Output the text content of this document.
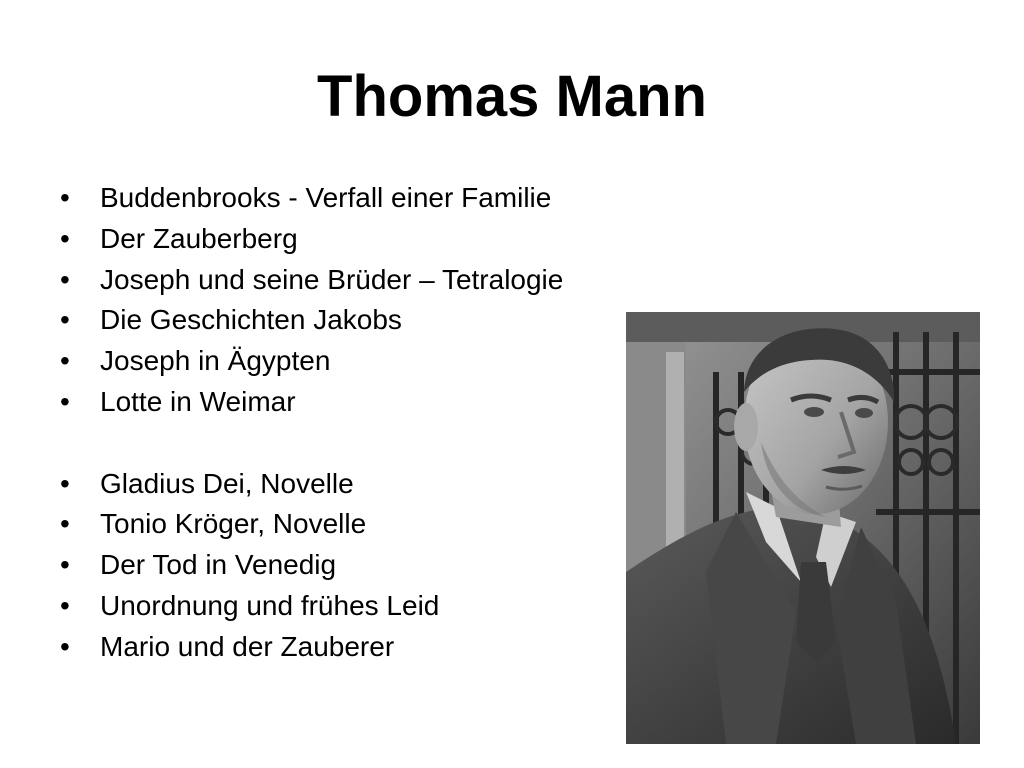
Thomas Mann
• Buddenbrooks - Verfall einer Familie
• Der Zauberberg
• Joseph und seine Brüder – Tetralogie
• Die Geschichten Jakobs
• Joseph in Ägypten
• Lotte in Weimar
• Gladius Dei, Novelle
• Tonio Kröger, Novelle
• Der Tod in Venedig
• Unordnung und frühes Leid
• Mario und der Zauberer
